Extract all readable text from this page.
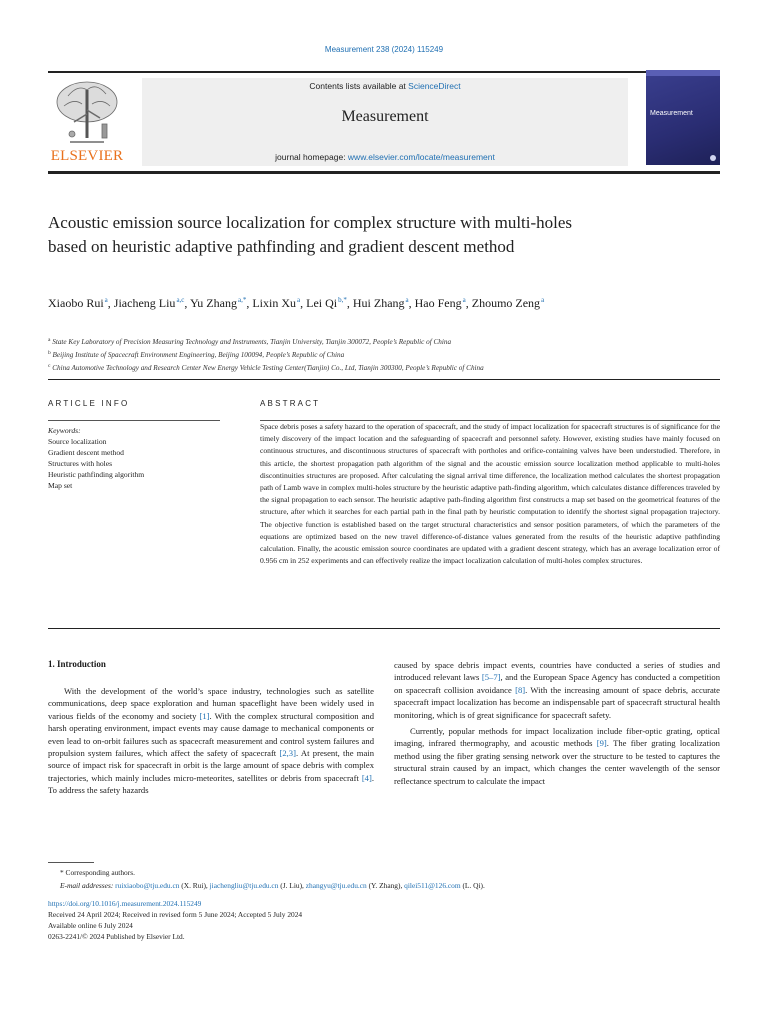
Measurement 238 (2024) 115249
ELSEVIER
Contents lists available at ScienceDirect
Measurement
journal homepage: www.elsevier.com/locate/measurement
Measurement
Acoustic emission source localization for complex structure with multi-holes based on heuristic adaptive pathfinding and gradient descent method
Xiaobo Rui$^a$, Jiacheng Liu$^{a,c}$, Yu Zhang$^{a,*}$, Lixin Xu$^a$, Lei $Qi^{b,*}$, Hui Zhang$^a$, Hao Feng$^a$, Zhoumo Zeng$^a$
$^a$ State Key Laboratory of Precision Measuring Technology and Instruments, Tianjin University, Tianjin 300072, People’s Republic of China
$^b$ Beijing Institute of Spacecraft Environment Engineering, Beijing 100094, People’s Republic of China
$^c$ China Automotive Technology and Research Center New Energy Vehicle Testing Center(Tianjin) Co., Ltd, Tianjin 300300, People’s Republic of China
ARTICLE INFO	ABSTRACT
Keywords:
Source localization
Gradient descent method
Structures with holes
Heuristic pathfinding algorithm
Map set

Space debris poses a safety hazard to the operation of spacecraft, and the study of impact localization for spacecraft structures is of significance for the timely discovery of the impact location and the safeguarding of spacecraft and personnel safety. However, existing studies have mainly focused on continuous structures, and discontinuous structures of spacecraft with portholes and orifice-containing valves have been understudied. Therefore, in this article, the shortest propagation path algorithm of the signal and the acoustic emission source localization method applicable to multi-holes discontinuities structures are proposed. After calculating the signal arrival time difference, the localization method calculates the shortest propagation path of Lamb wave in complex multi-holes structure by the heuristic adaptive path-finding algorithm, which calculates distance differences traveled by the signal propagation to each sensor. The heuristic adaptive path-finding algorithm first constructs a map set based on the geometrical features of the structure, after which it searches for each partial path in the final path by heuristic computation to identify the shortest signal propagation trajectory. The objective function is established based on the target structural characteristics and sensor position parameters, of which the parameters of the equations are optimized based on the new travel difference-of-distance values generated from the results of the heuristic adaptive pathfinding calculation. Finally, the acoustic emission source coordinates are updated with a gradient descent strategy, which has an average localization error of 0.956 cm in 252 experiments and can effectively realize the impact localization calculation of multi-holes complex structures.

1. Introduction

With the development of the world’s space industry, technologies such as satellite communications, deep space exploration and human spaceflight have been widely used in various fields of the economy and society [1]. With the complex structural composition and harsh operating environment, impact events may cause damage to mechanical components or even lead to on-orbit failures such as spacecraft measurement and control system failures and propulsion system failures, which affect the safety of spacecraft [2,3]. At present, the main source of impact risk for spacecraft in orbit is the large amount of space debris with complex trajectories, which mainly includes micro-meteorites, satellites or debris from spacecraft [4]. To address the safety hazards

caused by space debris impact events, countries have conducted a series of studies and introduced relevant laws [5–7], and the European Space Agency has conducted a competition on spacecraft collision avoidance [8]. With the increasing amount of space debris, accurate spacecraft impact localization has become an indispensable part of spacecraft structural health monitoring, which is of great significance for spacecraft safety.

Currently, popular methods for impact localization include fiber-optic grating, optical imaging, infrared thermography, and acoustic methods [9]. The fiber grating localization method using the fiber grating sensing network over the structure to be tested to captures the structural strain caused by an impact, which changes the center wavelength of the sensor reflectance spectrum to calculate the impact

* Corresponding authors.
E-mail addresses: ruixiaobo@tju.edu.cn (X. Rui), jiachengliu@tju.edu.cn (J. Liu), zhangyu@tju.edu.cn (Y. Zhang), qilei511@126.com (L. Qi).
https://doi.org/10.1016/j.measurement.2024.115249
Received 24 April 2024; Received in revised form 5 June 2024; Accepted 5 July 2024
Available online 6 July 2024
0263-2241/© 2024 Published by Elsevier Ltd.
